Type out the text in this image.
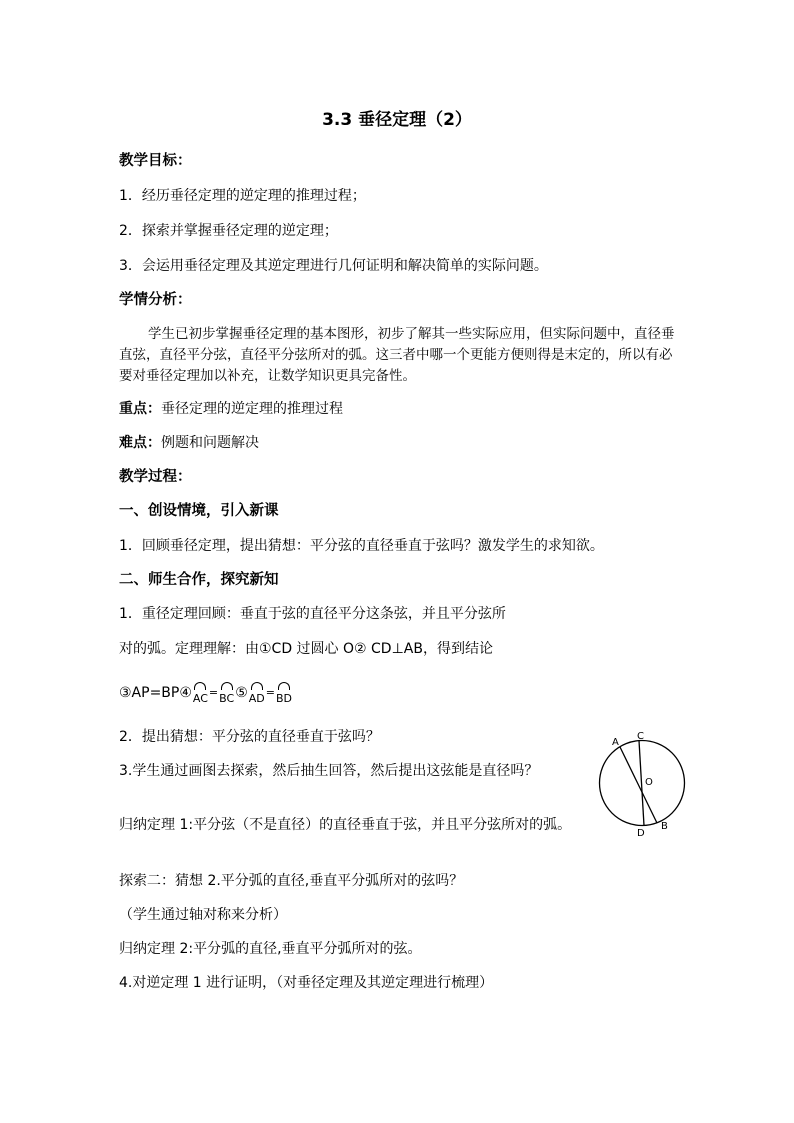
3.3 垂径定理（2）
教学目标：
1．经历垂径定理的逆定理的推理过程；
2．探索并掌握垂径定理的逆定理；
3．会运用垂径定理及其逆定理进行几何证明和解决简单的实际问题。
学情分析：
学生已初步掌握垂径定理的基本图形，初步了解其一些实际应用，但实际问题中，直径垂直弦，直径平分弦，直径平分弦所对的弧。这三者中哪一个更能方便则得是末定的，所以有必要对垂径定理加以补充，让数学知识更具完备性。
重点：垂径定理的逆定理的推理过程
难点：例题和问题解决
教学过程：
一、创设情境，引入新课
1．回顾垂径定理，提出猜想：平分弦的直径垂直于弦吗？激发学生的求知欲。
二、师生合作，探究新知
1．重径定理回顾：垂直于弦的直径平分这条弦，并且平分弦所
对的弧。定理理解：由①CD 过圆心 O② CD⊥AB，得到结论
③AP=BP④AC=BC⑤AD=BD
2．提出猜想：平分弦的直径垂直于弦吗？
3.学生通过画图去探索，然后抽生回答，然后提出这弦能是直径吗？
归纳定理 1:平分弦（不是直径）的直径垂直于弦，并且平分弦所对的弧。
探索二：猜想 2.平分弧的直径,垂直平分弧所对的弦吗？
（学生通过轴对称来分析）
归纳定理 2:平分弧的直径,垂直平分弧所对的弦。
4.对逆定理 1 进行证明，（对垂径定理及其逆定理进行梳理）
A
C
O
B
D
